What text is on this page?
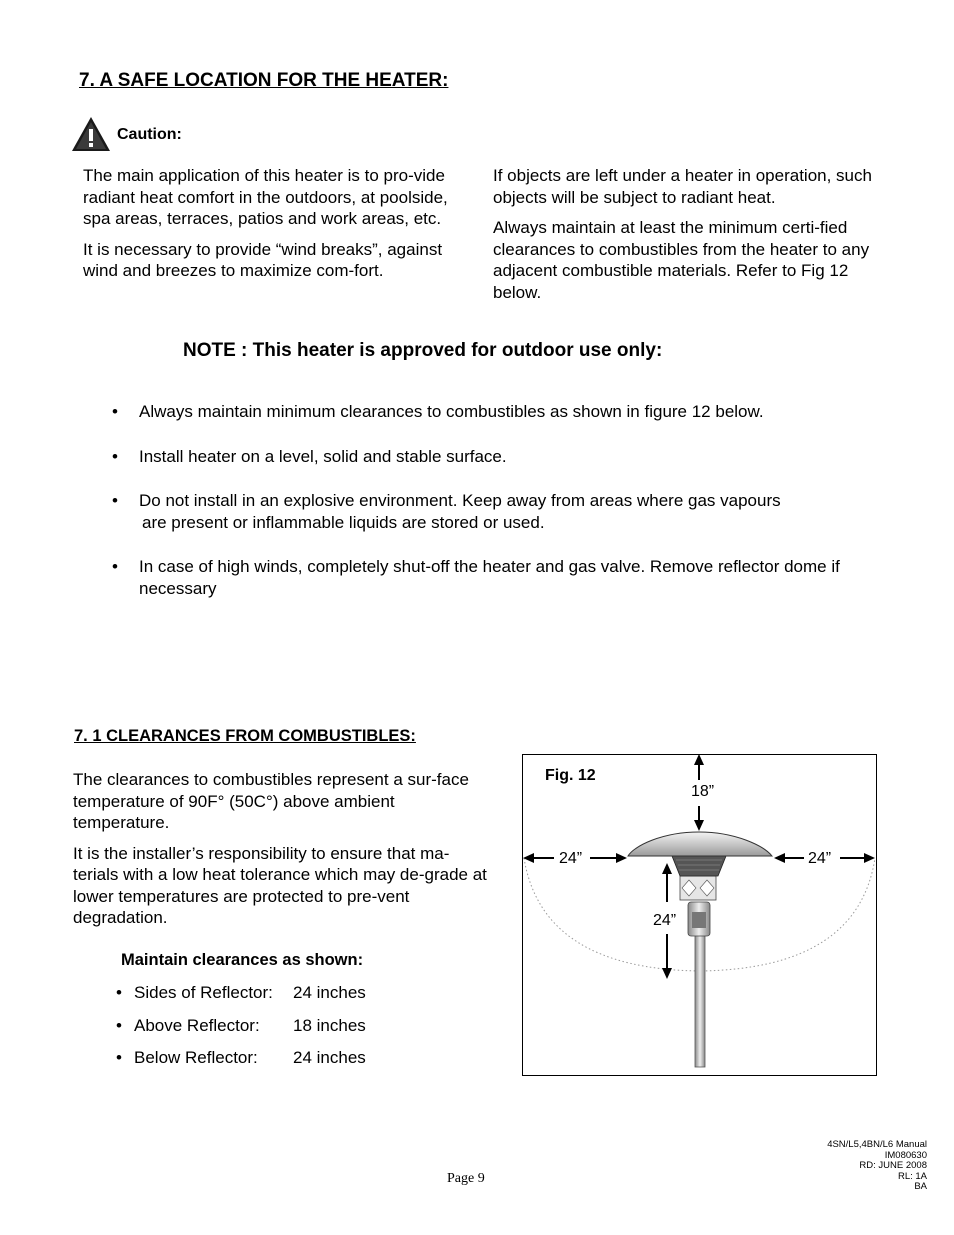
7. A SAFE LOCATION FOR THE HEATER:
Caution:

The main application of this heater is to pro-vide radiant heat comfort in the outdoors, at poolside, spa areas, terraces, patios and work areas, etc.

It is necessary to provide “wind breaks”, against wind and breezes to maximize com-fort.

If objects are left under a heater in operation, such objects will be subject to radiant heat.

Always maintain at least the minimum certi-fied clearances to combustibles from the heater to any adjacent combustible materials. Refer to Fig 12 below.

NOTE : This heater is approved for outdoor use only:
• Always maintain minimum clearances to combustibles as shown in figure 12 below.
• Install heater on a level, solid and stable surface.
• Do not install in an explosive environment. Keep away from areas where gas vapours
are present or inflammable liquids are stored or used.
• In case of high winds, completely shut-off the heater and gas valve. Remove reflector dome if necessary
7. 1 CLEARANCES FROM COMBUSTIBLES:

The clearances to combustibles represent a sur-face temperature of 90F° (50C°) above ambient temperature.

It is the installer’s responsibility to ensure that ma-terials with a low heat tolerance which may de-grade at lower temperatures are protected to pre-vent degradation.

Maintain clearances as shown:
• Sides of Reflector:	24 inches
• Above Reflector:	18 inches
• Below Reflector:	24 inches
Fig. 12
18”
24”	24”
24”
Page 9
4SN/L5,4BN/L6 Manual
IM080630
RD: JUNE 2008
RL: 1A
BA
